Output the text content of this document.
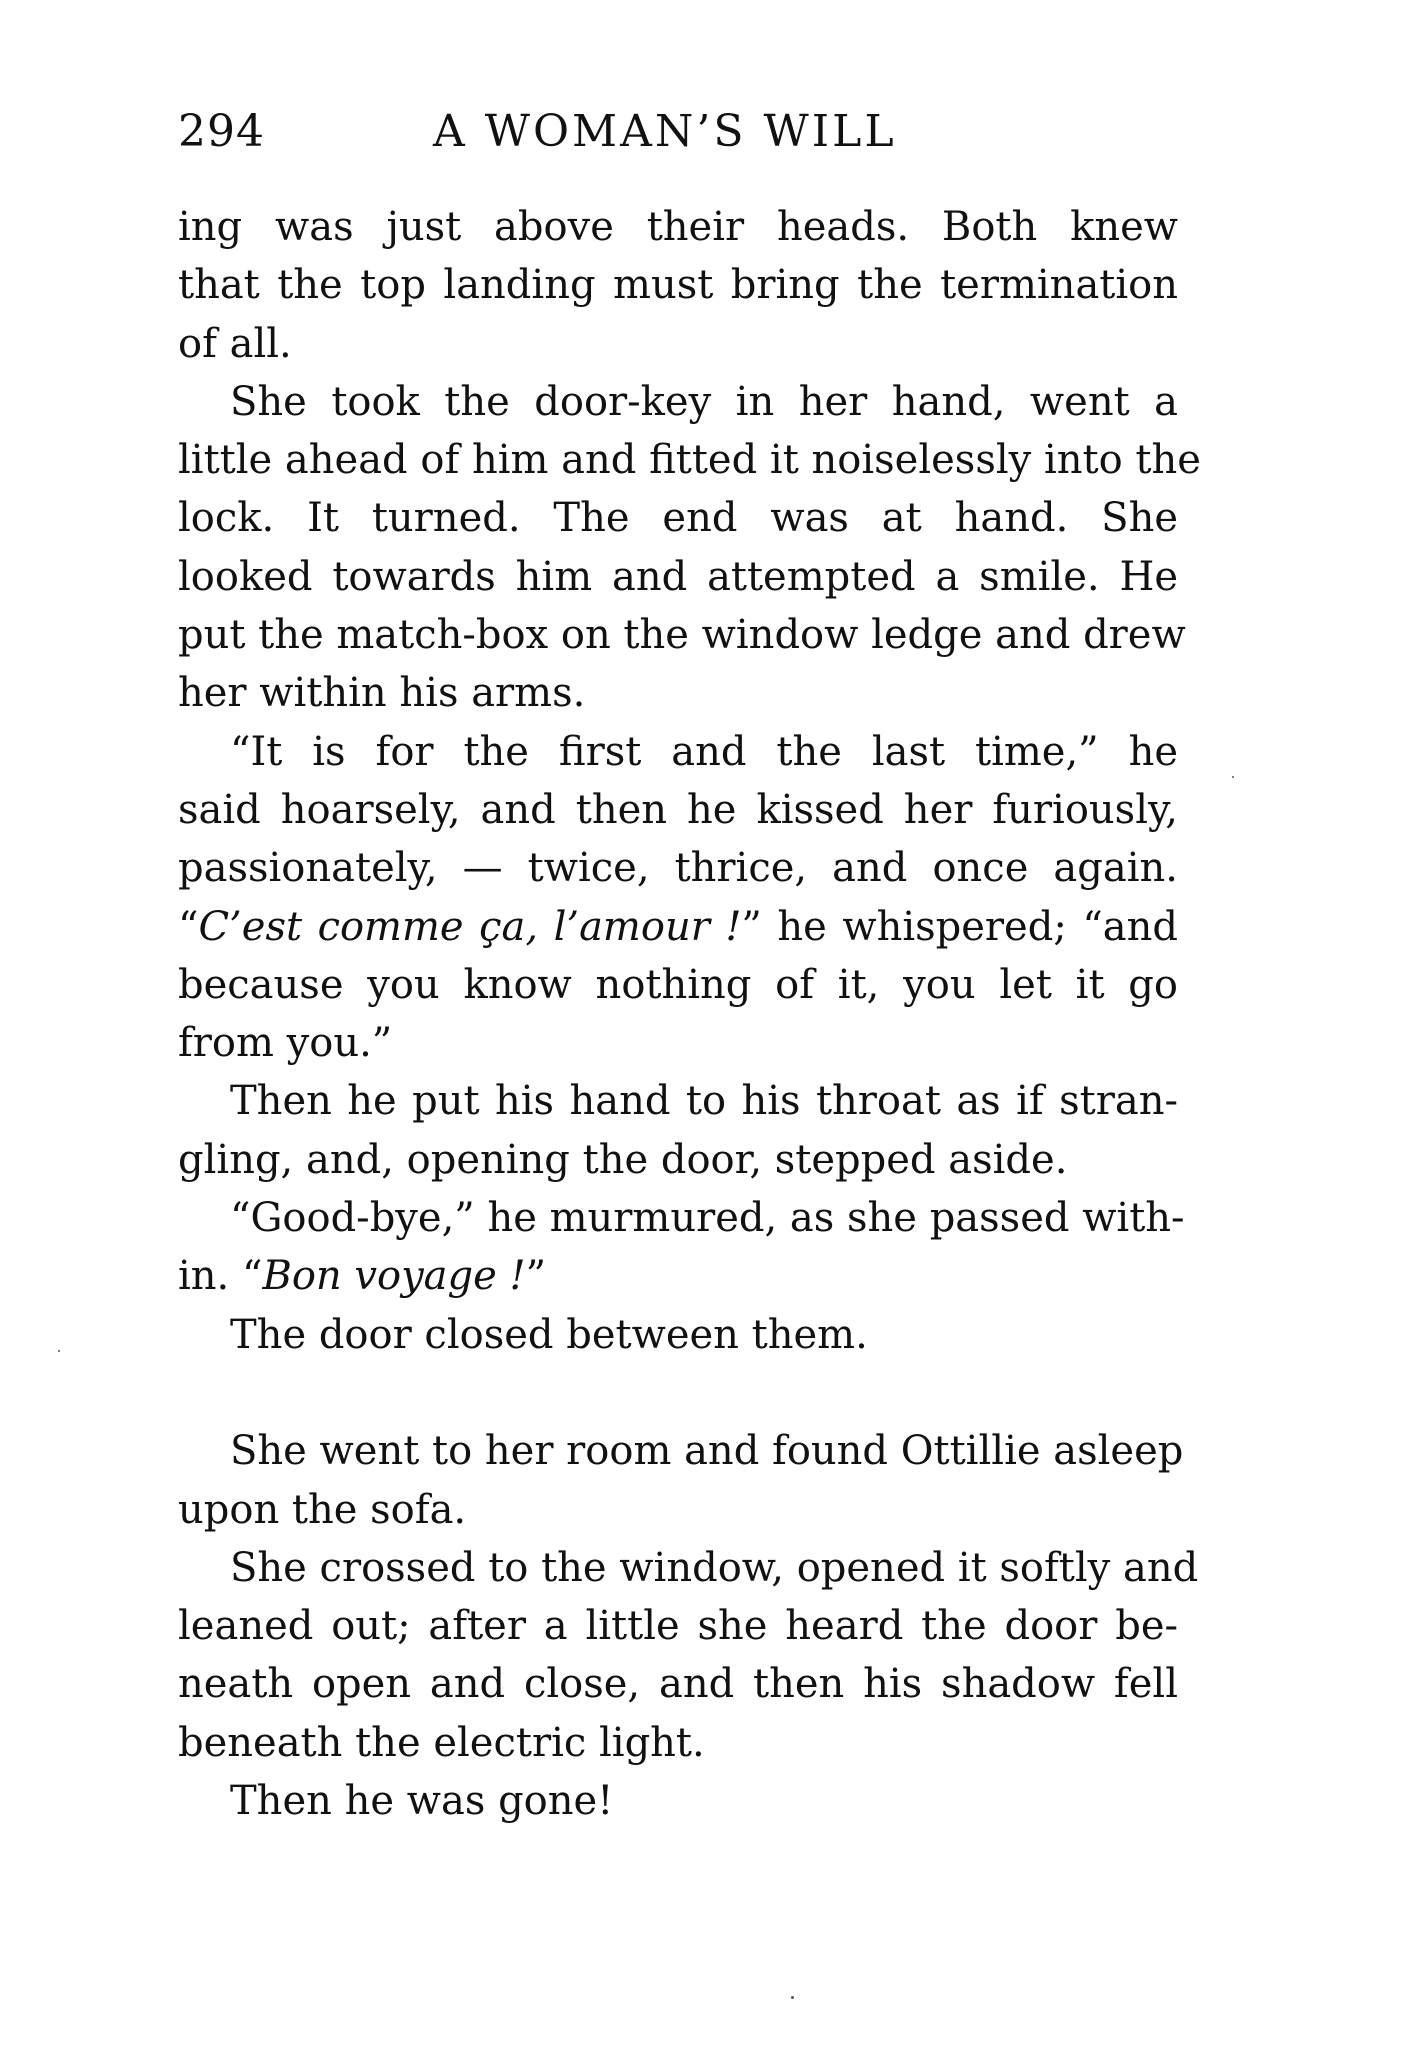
294	A WOMAN’S WILL
ing was just above their heads. Both knew
that the top landing must bring the termination
of all.
She took the door-key in her hand, went a
little ahead of him and fitted it noiselessly into the
lock. It turned. The end was at hand. She
looked towards him and attempted a smile. He
put the match-box on the window ledge and drew
her within his arms.
“It is for the first and the last time,” he
said hoarsely, and then he kissed her furiously,
passionately, — twice, thrice, and once again.
“C’est comme ça, l’amour !” he whispered; “and
because you know nothing of it, you let it go
from you.”
Then he put his hand to his throat as if stran-
gling, and, opening the door, stepped aside.
“Good-bye,” he murmured, as she passed with-
in. “Bon voyage !”
The door closed between them.
She went to her room and found Ottillie asleep
upon the sofa.
She crossed to the window, opened it softly and
leaned out; after a little she heard the door be-
neath open and close, and then his shadow fell
beneath the electric light.
Then he was gone!
